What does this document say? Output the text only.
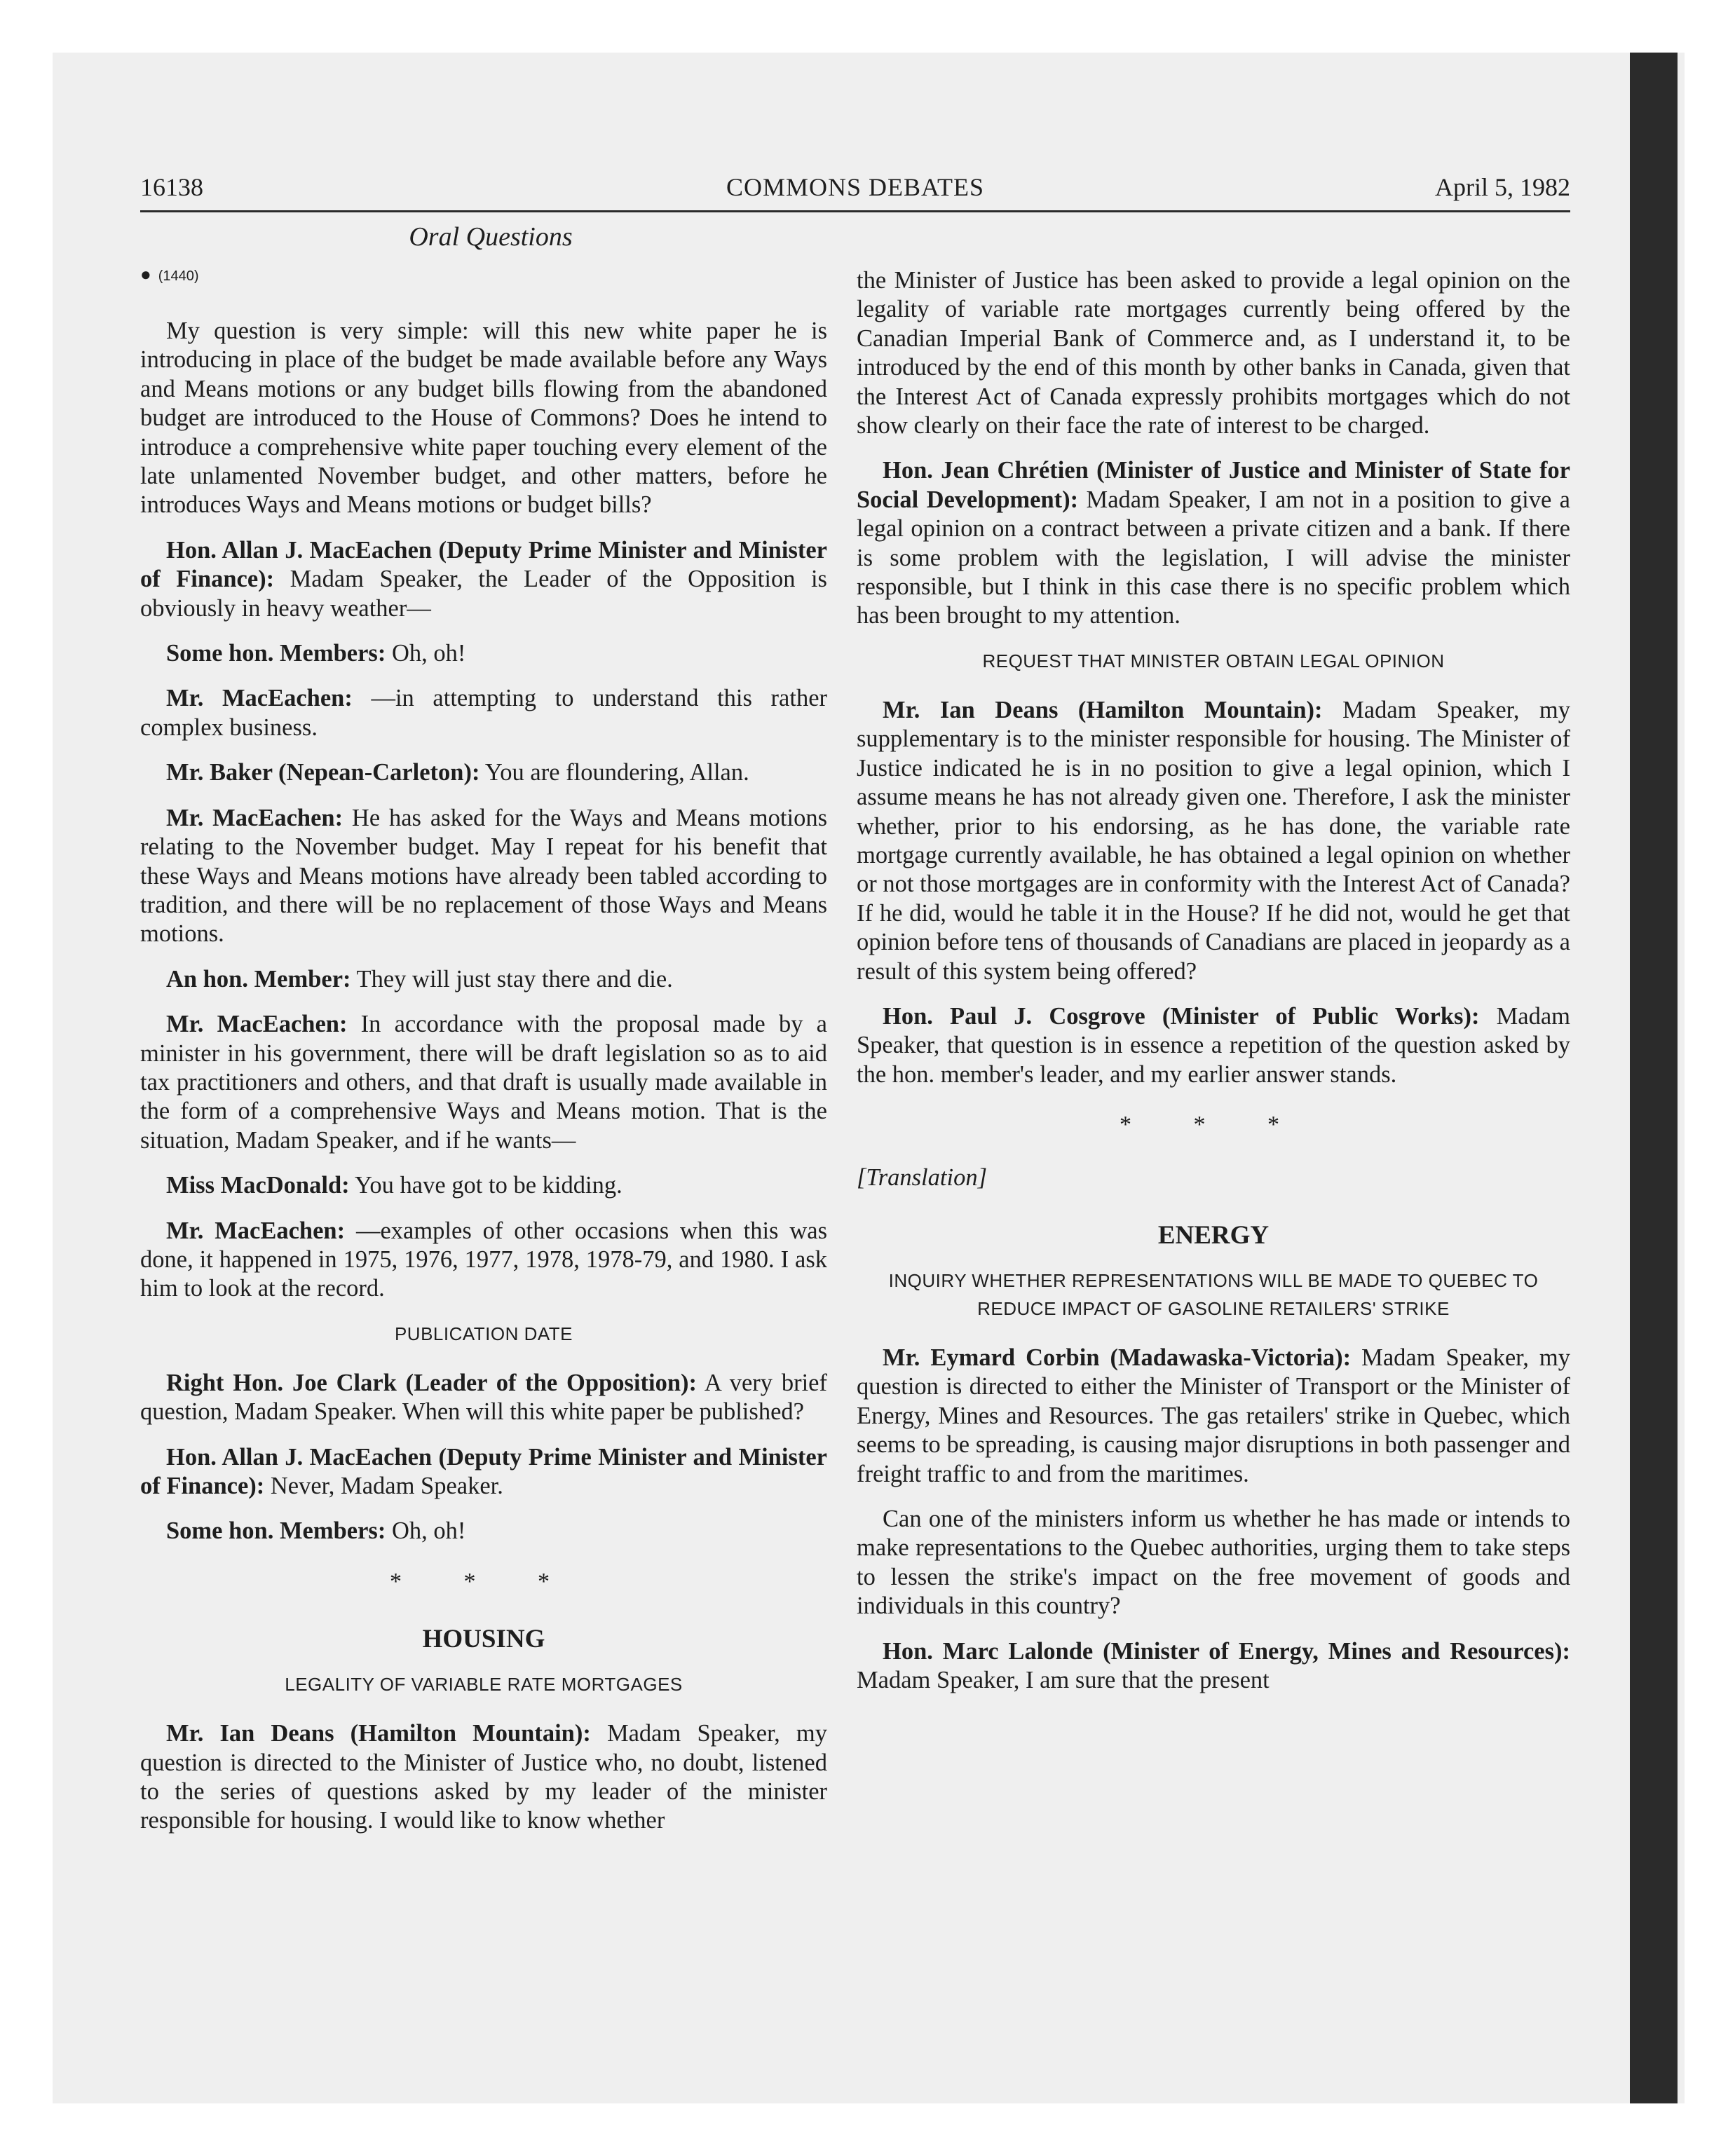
16138	COMMONS DEBATES	April 5, 1982
Oral Questions
● (1440)

My question is very simple: will this new white paper he is introducing in place of the budget be made available before any Ways and Means motions or any budget bills flowing from the abandoned budget are introduced to the House of Commons? Does he intend to introduce a comprehensive white paper touching every element of the late unlamented November budget, and other matters, before he introduces Ways and Means motions or budget bills?

Hon. Allan J. MacEachen (Deputy Prime Minister and Minister of Finance): Madam Speaker, the Leader of the Opposition is obviously in heavy weather—

Some hon. Members: Oh, oh!

Mr. MacEachen: —in attempting to understand this rather complex business.

Mr. Baker (Nepean-Carleton): You are floundering, Allan.

Mr. MacEachen: He has asked for the Ways and Means motions relating to the November budget. May I repeat for his benefit that these Ways and Means motions have already been tabled according to tradition, and there will be no replacement of those Ways and Means motions.

An hon. Member: They will just stay there and die.

Mr. MacEachen: In accordance with the proposal made by a minister in his government, there will be draft legislation so as to aid tax practitioners and others, and that draft is usually made available in the form of a comprehensive Ways and Means motion. That is the situation, Madam Speaker, and if he wants—

Miss MacDonald: You have got to be kidding.

Mr. MacEachen: —examples of other occasions when this was done, it happened in 1975, 1976, 1977, 1978, 1978-79, and 1980. I ask him to look at the record.

PUBLICATION DATE

Right Hon. Joe Clark (Leader of the Opposition): A very brief question, Madam Speaker. When will this white paper be published?

Hon. Allan J. MacEachen (Deputy Prime Minister and Minister of Finance): Never, Madam Speaker.

Some hon. Members: Oh, oh!

* * *

HOUSING

LEGALITY OF VARIABLE RATE MORTGAGES

Mr. Ian Deans (Hamilton Mountain): Madam Speaker, my question is directed to the Minister of Justice who, no doubt, listened to the series of questions asked by my leader of the minister responsible for housing. I would like to know whether

the Minister of Justice has been asked to provide a legal opinion on the legality of variable rate mortgages currently being offered by the Canadian Imperial Bank of Commerce and, as I understand it, to be introduced by the end of this month by other banks in Canada, given that the Interest Act of Canada expressly prohibits mortgages which do not show clearly on their face the rate of interest to be charged.

Hon. Jean Chrétien (Minister of Justice and Minister of State for Social Development): Madam Speaker, I am not in a position to give a legal opinion on a contract between a private citizen and a bank. If there is some problem with the legislation, I will advise the minister responsible, but I think in this case there is no specific problem which has been brought to my attention.

REQUEST THAT MINISTER OBTAIN LEGAL OPINION

Mr. Ian Deans (Hamilton Mountain): Madam Speaker, my supplementary is to the minister responsible for housing. The Minister of Justice indicated he is in no position to give a legal opinion, which I assume means he has not already given one. Therefore, I ask the minister whether, prior to his endorsing, as he has done, the variable rate mortgage currently available, he has obtained a legal opinion on whether or not those mortgages are in conformity with the Interest Act of Canada? If he did, would he table it in the House? If he did not, would he get that opinion before tens of thousands of Canadians are placed in jeopardy as a result of this system being offered?

Hon. Paul J. Cosgrove (Minister of Public Works): Madam Speaker, that question is in essence a repetition of the question asked by the hon. member's leader, and my earlier answer stands.

* * *

[Translation]

ENERGY

INQUIRY WHETHER REPRESENTATIONS WILL BE MADE TO QUEBEC TO REDUCE IMPACT OF GASOLINE RETAILERS' STRIKE

Mr. Eymard Corbin (Madawaska-Victoria): Madam Speaker, my question is directed to either the Minister of Transport or the Minister of Energy, Mines and Resources. The gas retailers' strike in Quebec, which seems to be spreading, is causing major disruptions in both passenger and freight traffic to and from the maritimes.

Can one of the ministers inform us whether he has made or intends to make representations to the Quebec authorities, urging them to take steps to lessen the strike's impact on the free movement of goods and individuals in this country?

Hon. Marc Lalonde (Minister of Energy, Mines and Resources): Madam Speaker, I am sure that the present
